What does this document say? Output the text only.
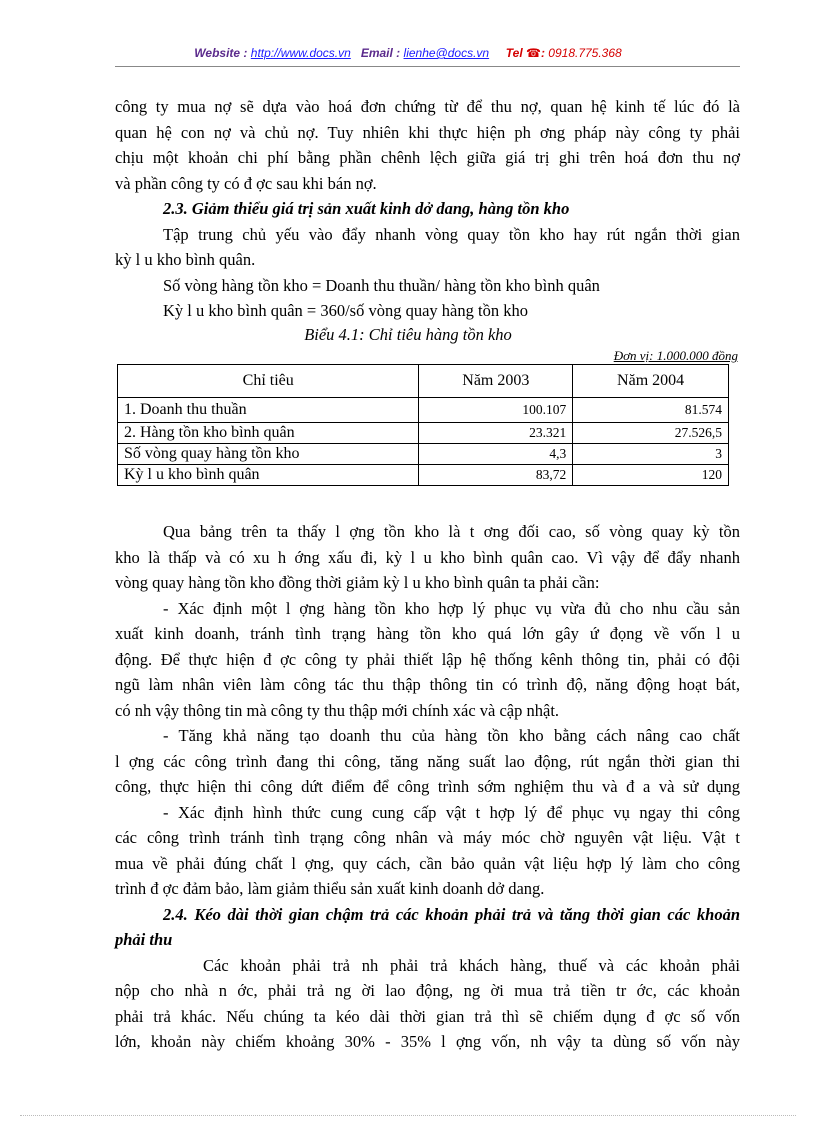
Website : http://www.docs.vn Email : lienhe@docs.vn Tel ☎: 0918.775.368
công ty mua nợ sẽ dựa vào hoá đơn chứng từ để thu nợ, quan hệ kinh tế lúc đó là
quan hệ con nợ và chủ nợ. Tuy nhiên khi thực hiện ph ơng pháp này công ty phải
chịu một khoản chi phí bằng phần chênh lệch giữa giá trị ghi trên hoá đơn thu nợ
và phần công ty có đ ợc sau khi bán nợ.
2.3. Giảm thiểu giá trị sản xuất kinh dở dang, hàng tồn kho
Tập trung chủ yếu vào đẩy nhanh vòng quay tồn kho hay rút ngắn thời gian
kỳ l u kho bình quân.
Số vòng hàng tồn kho = Doanh thu thuần/ hàng tồn kho bình quân
Kỳ l u kho bình quân = 360/số vòng quay hàng tồn kho
Biểu 4.1: Chỉ tiêu hàng tồn kho
Đơn vị: 1.000.000 đồng
Chỉ tiêu	Năm 2003	Năm 2004
1. Doanh thu thuần	100.107	81.574
2. Hàng tồn kho bình quân	23.321	27.526,5
Số vòng quay hàng tồn kho	4,3	3
Kỳ l u kho bình quân	83,72	120
Qua bảng trên ta thấy l ợng tồn kho là t ơng đối cao, số vòng quay kỳ tồn
kho là thấp và có xu h ớng xấu đi, kỳ l u kho bình quân cao. Vì vậy để đẩy nhanh
vòng quay hàng tồn kho đồng thời giảm kỳ l u kho bình quân ta phải cần:
- Xác định một l ợng hàng tồn kho hợp lý phục vụ vừa đủ cho nhu cầu sản
xuất kinh doanh, tránh tình trạng hàng tồn kho quá lớn gây ứ đọng về vốn l u
động. Để thực hiện đ ợc công ty phải thiết lập hệ thống kênh thông tin, phải có đội
ngũ làm nhân viên làm công tác thu thập thông tin có trình độ, năng động hoạt bát,
có nh vậy thông tin mà công ty thu thập mới chính xác và cập nhật.
- Tăng khả năng tạo doanh thu của hàng tồn kho bằng cách nâng cao chất
l ợng các công trình đang thi công, tăng năng suất lao động, rút ngắn thời gian thi
công, thực hiện thi công dứt điểm để công trình sớm nghiệm thu và đ a và sử dụng
- Xác định hình thức cung cung cấp vật t hợp lý để phục vụ ngay thi công
các công trình tránh tình trạng công nhân và máy móc chờ nguyên vật liệu. Vật t
mua về phải đúng chất l ợng, quy cách, cần bảo quản vật liệu hợp lý làm cho công
trình đ ợc đảm bảo, làm giảm thiểu sản xuất kinh doanh dở dang.
2.4. Kéo dài thời gian chậm trả các khoản phải trả và tăng thời gian các khoản
phải thu
Các khoản phải trả nh phải trả khách hàng, thuế và các khoản phải
nộp cho nhà n ớc, phải trả ng ời lao động, ng ời mua trả tiền tr ớc, các khoản
phải trả khác. Nếu chúng ta kéo dài thời gian trả thì sẽ chiếm dụng đ ợc số vốn
lớn, khoản này chiếm khoảng 30% - 35% l ợng vốn, nh vậy ta dùng số vốn này
